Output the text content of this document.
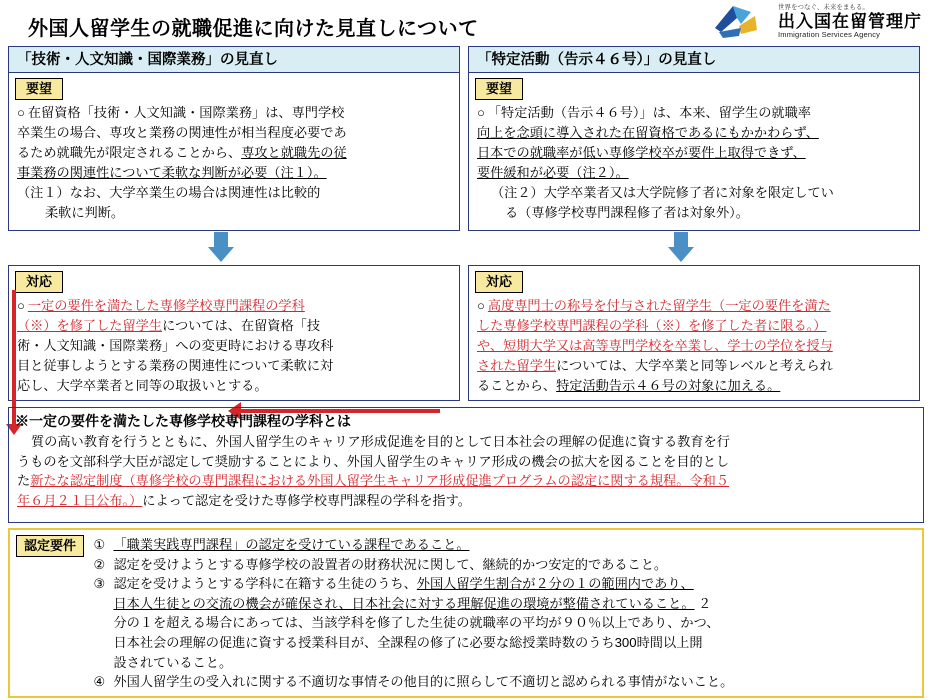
外国人留学生の就職促進に向けた見直しについて
世界をつなぐ、未来をまもる。
出入国在留管理庁
Immigration Services Agency
「技術・人文知識・国際業務」の見直し
要望
○ 在留資格「技術・人文知識・国際業務」は、専門学校
卒業生の場合、専攻と業務の関連性が相当程度必要であ
るため就職先が限定されることから、専攻と就職先の従
事業務の関連性について柔軟な判断が必要（注１）。
（注１）なお、大学卒業生の場合は関連性は比較的
柔軟に判断。
対応
○ 一定の要件を満たした専修学校専門課程の学科
（※）を修了した留学生については、在留資格「技
術・人文知識・国際業務」への変更時における専攻科
目と従事しようとする業務の関連性について柔軟に対
応し、大学卒業者と同等の取扱いとする。
「特定活動（告示４６号）」の見直し
要望
○ 「特定活動（告示４６号）」は、本来、留学生の就職率
向上を念頭に導入された在留資格であるにもかかわらず、
日本での就職率が低い専修学校卒が要件上取得できず、
要件緩和が必要（注２）。
（注２）大学卒業者又は大学院修了者に対象を限定してい
る（専修学校専門課程修了者は対象外）。
対応
○ 高度専門士の称号を付与された留学生（一定の要件を満た
した専修学校専門課程の学科（※）を修了した者に限る。）
や、短期大学又は高等専門学校を卒業し、学士の学位を授与
された留学生については、大学卒業と同等レベルと考えられ
ることから、特定活動告示４６号の対象に加える。
※一定の要件を満たした専修学校専門課程の学科とは
質の高い教育を行うとともに、外国人留学生のキャリア形成促進を目的として日本社会の理解の促進に資する教育を行
うものを文部科学大臣が認定して奨励することにより、外国人留学生のキャリア形成の機会の拡大を図ることを目的とし
た新たな認定制度（専修学校の専門課程における外国人留学生キャリア形成促進プログラムの認定に関する規程。令和５
年６月２１日公布。）によって認定を受けた専修学校専門課程の学科を指す。
認定要件 ① 「職業実践専門課程」の認定を受けている課程であること。
② 認定を受けようとする専修学校の設置者の財務状況に関して、継続的かつ安定的であること。
③ 認定を受けようとする学科に在籍する生徒のうち、外国人留学生割合が２分の１の範囲内であり、
日本人生徒との交流の機会が確保され、日本社会に対する理解促進の環境が整備されていること。 ２
分の１を超える場合にあっては、当該学科を修了した生徒の就職率の平均が９０％以上であり、かつ、
日本社会の理解の促進に資する授業科目が、全課程の修了に必要な総授業時数のうち300時間以上開
設されていること。
④ 外国人留学生の受入れに関する不適切な事情その他目的に照らして不適切と認められる事情がないこと。
